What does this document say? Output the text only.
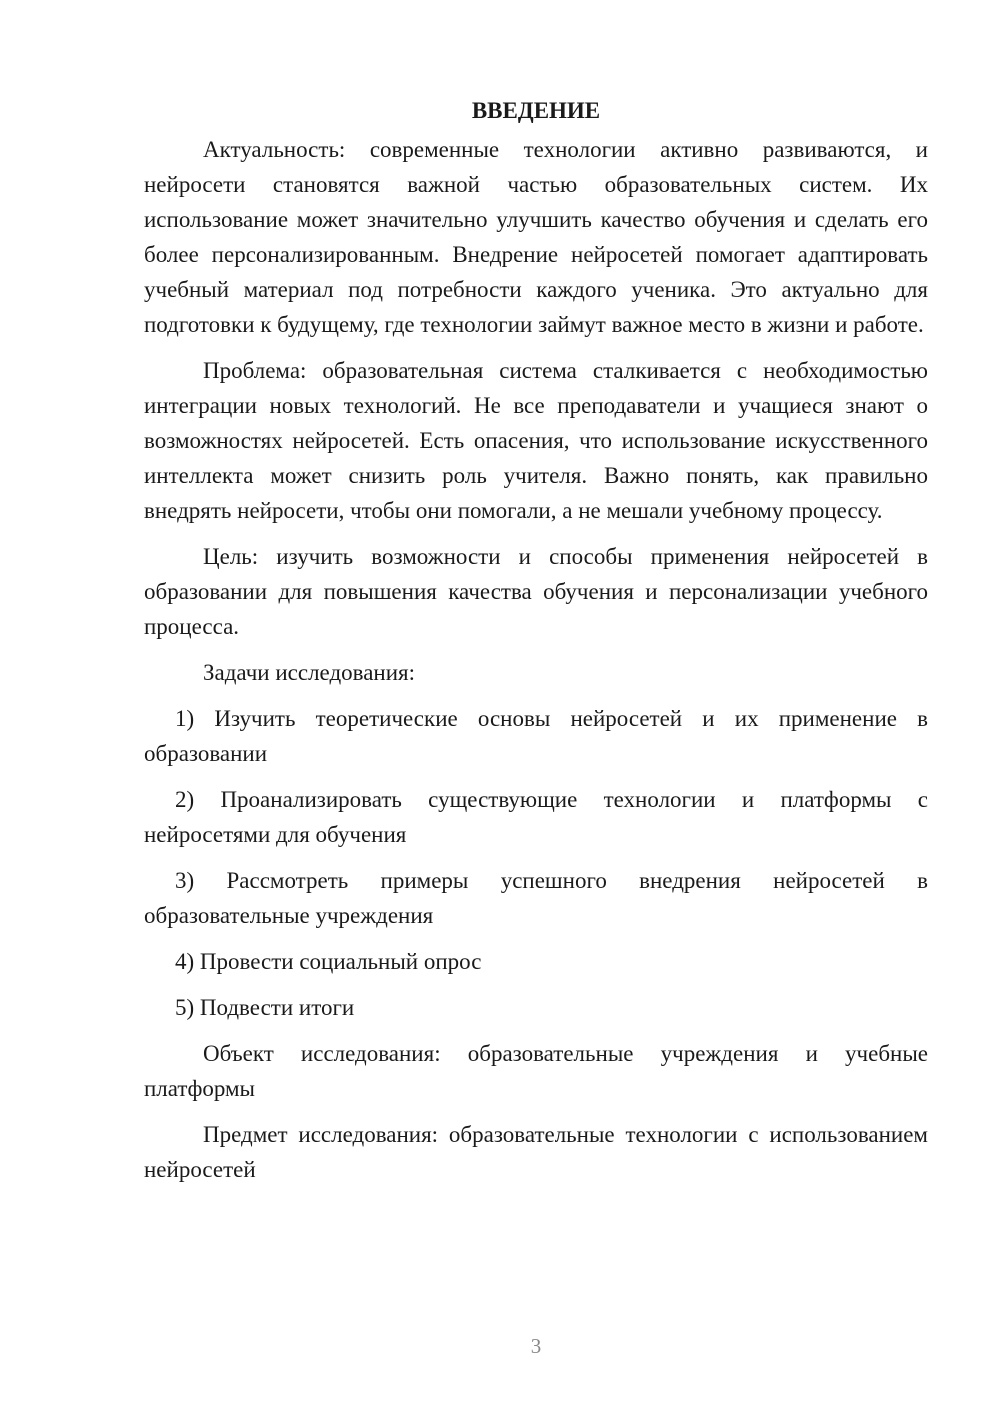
ВВЕДЕНИЕ

Актуальность: современные технологии активно развиваются, и нейросети становятся важной частью образовательных систем. Их использование может значительно улучшить качество обучения и сделать его более персонализированным. Внедрение нейросетей помогает адаптировать учебный материал под потребности каждого ученика. Это актуально для подготовки к будущему, где технологии займут важное место в жизни и работе.

Проблема: образовательная система сталкивается с необходимостью интеграции новых технологий. Не все преподаватели и учащиеся знают о возможностях нейросетей. Есть опасения, что использование искусственного интеллекта может снизить роль учителя. Важно понять, как правильно внедрять нейросети, чтобы они помогали, а не мешали учебному процессу.

Цель: изучить возможности и способы применения нейросетей в образовании для повышения качества обучения и персонализации учебного процесса.

Задачи исследования:

1) Изучить теоретические основы нейросетей и их применение в образовании

2) Проанализировать существующие технологии и платформы с нейросетями для обучения

3) Рассмотреть примеры успешного внедрения нейросетей в образовательные учреждения

4) Провести социальный опрос

5) Подвести итоги

Объект исследования: образовательные учреждения и учебные платформы

Предмет исследования: образовательные технологии с использованием нейросетей

3
